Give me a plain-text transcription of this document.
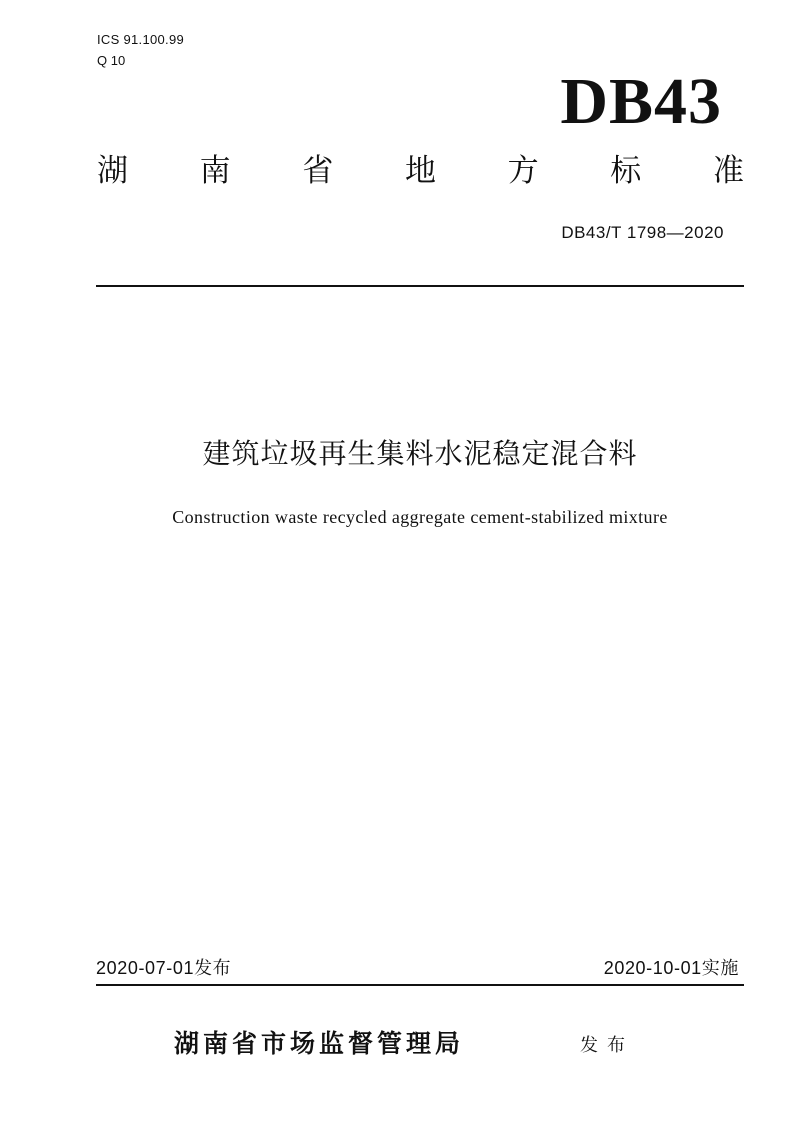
ICS 91.100.99
Q 10
DB43
湖 南 省 地 方 标 准
DB43/T 1798—2020
建筑垃圾再生集料水泥稳定混合料
Construction waste recycled aggregate cement-stabilized mixture
2020-07-01发布	2020-10-01实施
湖南省市场监督管理局	发布
